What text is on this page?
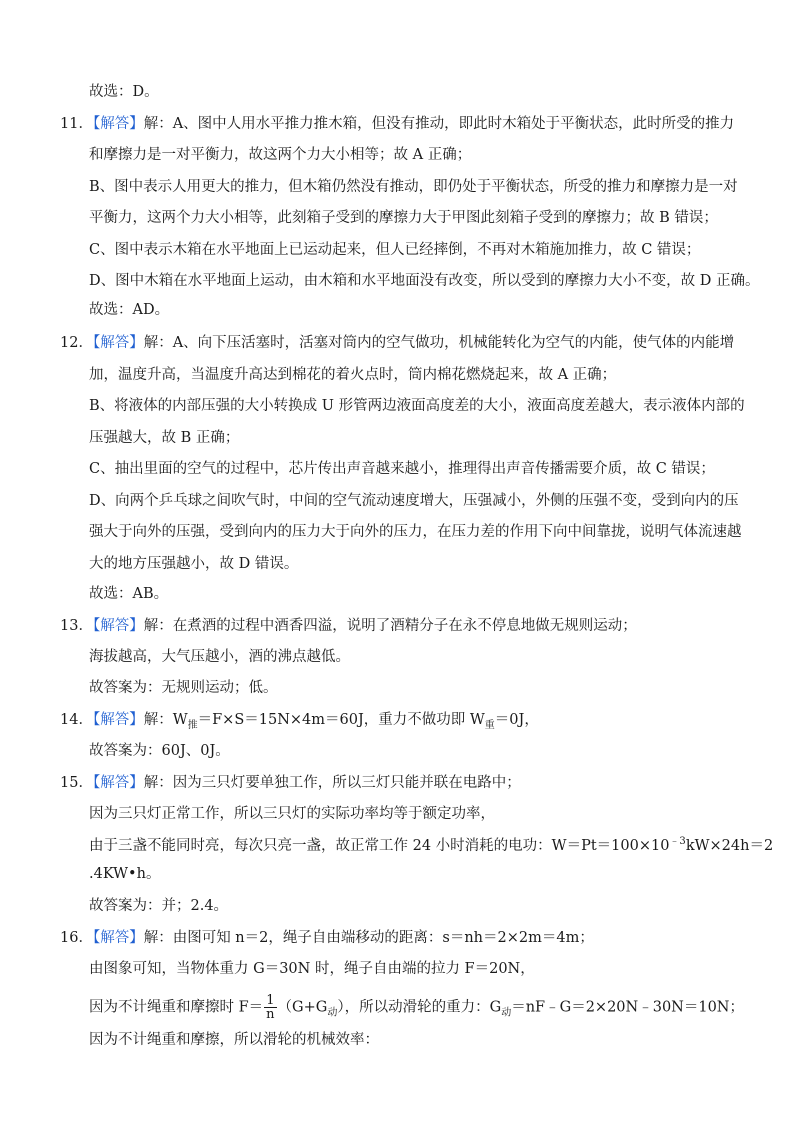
故选：D。
11．【解答】解：A、图中人用水平推力推木箱，但没有推动，即此时木箱处于平衡状态，此时所受的推力
和摩擦力是一对平衡力，故这两个力大小相等；故 A 正确；
B、图中表示人用更大的推力，但木箱仍然没有推动，即仍处于平衡状态，所受的推力和摩擦力是一对
平衡力，这两个力大小相等，此刻箱子受到的摩擦力大于甲图此刻箱子受到的摩擦力；故 B 错误；
C、图中表示木箱在水平地面上已运动起来，但人已经摔倒，不再对木箱施加推力，故 C 错误；
D、图中木箱在水平地面上运动，由木箱和水平地面没有改变，所以受到的摩擦力大小不变，故 D 正确。
故选：AD。
12．【解答】解：A、向下压活塞时，活塞对筒内的空气做功，机械能转化为空气的内能，使气体的内能增
加，温度升高，当温度升高达到棉花的着火点时，筒内棉花燃烧起来，故 A 正确；
B、将液体的内部压强的大小转换成 U 形管两边液面高度差的大小，液面高度差越大，表示液体内部的
压强越大，故 B 正确；
C、抽出里面的空气的过程中，芯片传出声音越来越小，推理得出声音传播需要介质，故 C 错误；
D、向两个乒乓球之间吹气时，中间的空气流动速度增大，压强减小，外侧的压强不变，受到向内的压
强大于向外的压强，受到向内的压力大于向外的压力，在压力差的作用下向中间靠拢，说明气体流速越
大的地方压强越小，故 D 错误。
故选：AB。
13．【解答】解：在煮酒的过程中酒香四溢，说明了酒精分子在永不停息地做无规则运动；
海拔越高，大气压越小，酒的沸点越低。
故答案为：无规则运动；低。
14．【解答】解：$W_推=F\times S=15N\times 4m=60J$，重力不做功即 $W_重=0J$，
故答案为：60J、0J。
15．【解答】解：因为三只灯要单独工作，所以三灯只能并联在电路中；
因为三只灯正常工作，所以三只灯的实际功率均等于额定功率，
由于三盏不能同时亮，每次只亮一盏，故正常工作 24 小时消耗的电功：$W=Pt=100\times 10^{﹣3}kW\times 24h=2$
.4KW•h。
故答案为：并；2.4。
16．【解答】解：由图可知 n＝2，绳子自由端移动的距离：s＝nh＝2×2m＝4m；
由图象可知，当物体重力 G＝30N 时，绳子自由端的拉力 F＝20N，
因为不计绳重和摩擦时 $F= \frac{1}{n} (G+G_动)$，所以动滑轮的重力：$G_动=nF﹣G=2\times 20N﹣30N=10N$；
因为不计绳重和摩擦，所以滑轮的机械效率：
